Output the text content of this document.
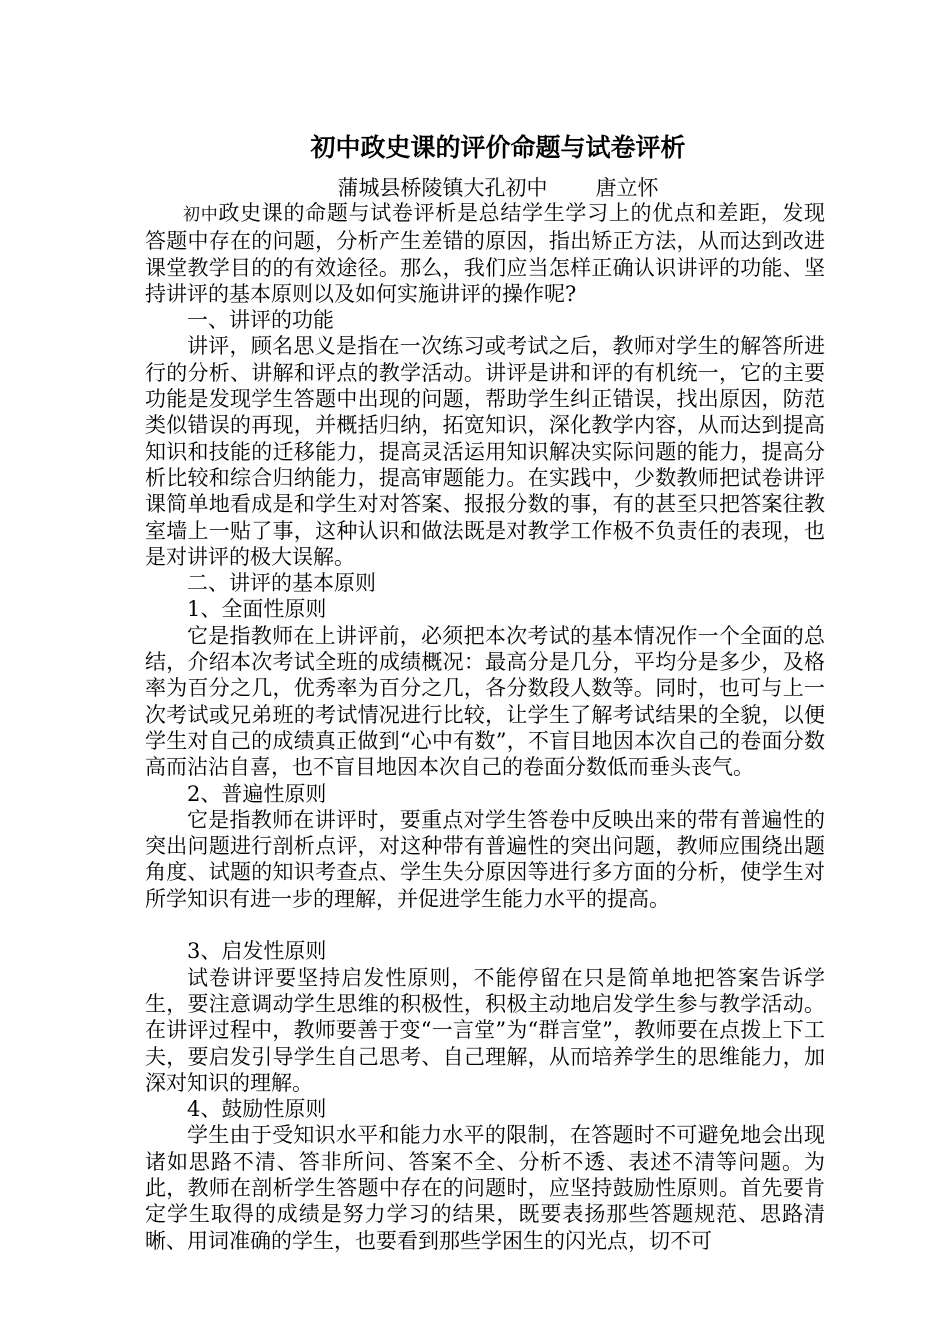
初中政史课的评价命题与试卷评析
蒲城县桥陵镇大孔初中 唐立怀

初中政史课的命题与试卷评析是总结学生学习上的优点和差距，发现答题中存在的问题，分析产生差错的原因，指出矫正方法，从而达到改进课堂教学目的的有效途径。那么，我们应当怎样正确认识讲评的功能、坚持讲评的基本原则以及如何实施讲评的操作呢?

一、讲评的功能

讲评，顾名思义是指在一次练习或考试之后，教师对学生的解答所进行的分析、讲解和评点的教学活动。讲评是讲和评的有机统一，它的主要功能是发现学生答题中出现的问题，帮助学生纠正错误，找出原因，防范类似错误的再现，并概括归纳，拓宽知识，深化教学内容，从而达到提高知识和技能的迁移能力，提高灵活运用知识解决实际问题的能力，提高分析比较和综合归纳能力，提高审题能力。在实践中，少数教师把试卷讲评课简单地看成是和学生对对答案、报报分数的事，有的甚至只把答案往教室墙上一贴了事，这种认识和做法既是对教学工作极不负责任的表现，也是对讲评的极大误解。

二、讲评的基本原则

1、全面性原则

它是指教师在上讲评前，必须把本次考试的基本情况作一个全面的总结，介绍本次考试全班的成绩概况：最高分是几分，平均分是多少，及格率为百分之几，优秀率为百分之几，各分数段人数等。同时，也可与上一次考试或兄弟班的考试情况进行比较，让学生了解考试结果的全貌，以便学生对自己的成绩真正做到“心中有数”，不盲目地因本次自己的卷面分数高而沾沾自喜，也不盲目地因本次自己的卷面分数低而垂头丧气。

2、普遍性原则

它是指教师在讲评时，要重点对学生答卷中反映出来的带有普遍性的突出问题进行剖析点评，对这种带有普遍性的突出问题，教师应围绕出题角度、试题的知识考查点、学生失分原因等进行多方面的分析，使学生对所学知识有进一步的理解，并促进学生能力水平的提高。

3、启发性原则

试卷讲评要坚持启发性原则，不能停留在只是简单地把答案告诉学生，要注意调动学生思维的积极性，积极主动地启发学生参与教学活动。在讲评过程中，教师要善于变“一言堂”为“群言堂”，教师要在点拨上下工夫，要启发引导学生自己思考、自己理解，从而培养学生的思维能力，加深对知识的理解。

4、鼓励性原则

学生由于受知识水平和能力水平的限制，在答题时不可避免地会出现诸如思路不清、答非所问、答案不全、分析不透、表述不清等问题。为此，教师在剖析学生答题中存在的问题时，应坚持鼓励性原则。首先要肯定学生取得的成绩是努力学习的结果，既要表扬那些答题规范、思路清晰、用词准确的学生，也要看到那些学困生的闪光点，切不可
